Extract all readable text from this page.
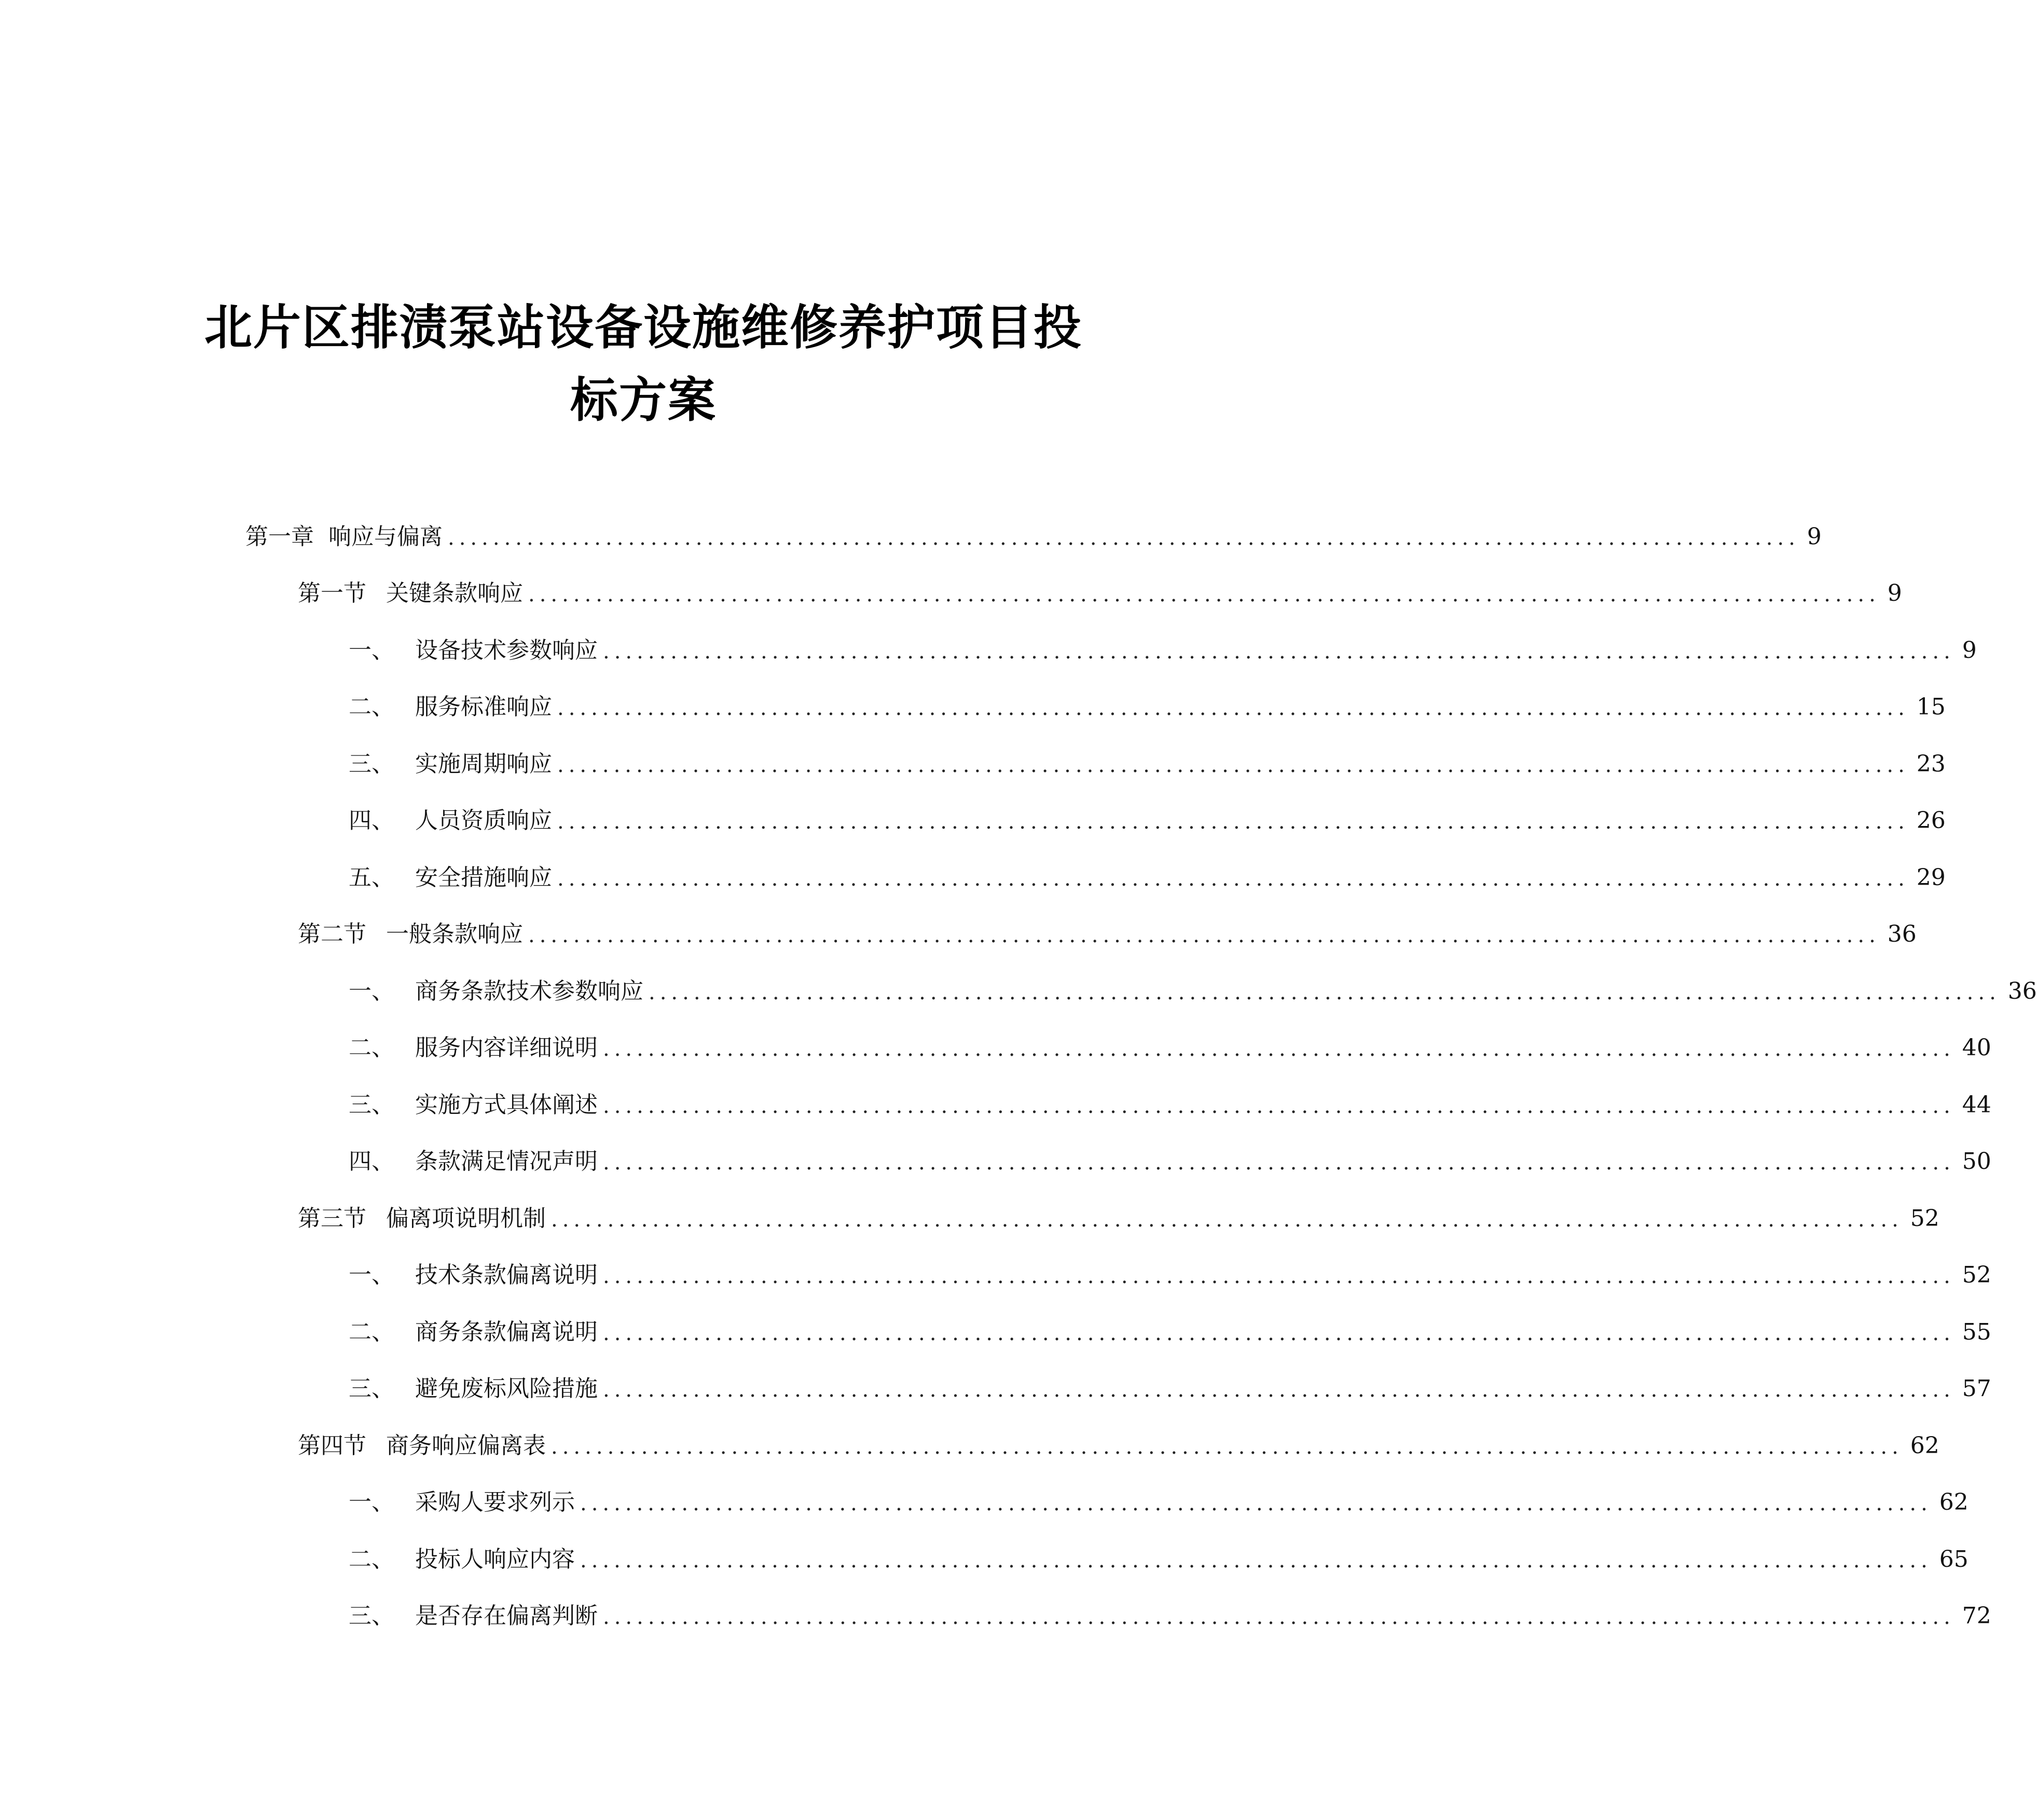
北片区排渍泵站设备设施维修养护项目投
标方案
第一章 响应与偏离 ........................................................................................................................ 9
第一节 关键条款响应 ........................................................................................................................ 9
一、 设备技术参数响应 ........................................................................................................................ 9
二、 服务标准响应 ........................................................................................................................ 15
三、 实施周期响应 ........................................................................................................................ 23
四、 人员资质响应 ........................................................................................................................ 26
五、 安全措施响应 ........................................................................................................................ 29
第二节 一般条款响应 ........................................................................................................................ 36
一、 商务条款技术参数响应 ........................................................................................................................ 36
二、 服务内容详细说明 ........................................................................................................................ 40
三、 实施方式具体阐述 ........................................................................................................................ 44
四、 条款满足情况声明 ........................................................................................................................ 50
第三节 偏离项说明机制 ........................................................................................................................ 52
一、 技术条款偏离说明 ........................................................................................................................ 52
二、 商务条款偏离说明 ........................................................................................................................ 55
三、 避免废标风险措施 ........................................................................................................................ 57
第四节 商务响应偏离表 ........................................................................................................................ 62
一、 采购人要求列示 ........................................................................................................................ 62
二、 投标人响应内容 ........................................................................................................................ 65
三、 是否存在偏离判断 ........................................................................................................................ 72
